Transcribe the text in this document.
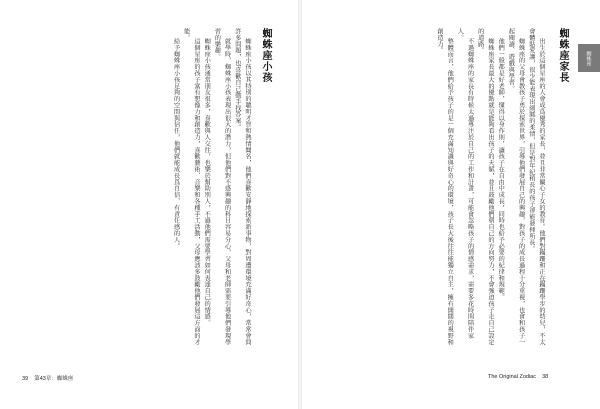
蜘蛛座小孩

蜘蛛座小孩以其特別的聰明才智和熱情聞名，他們喜歡安靜地探索新事物，對周遭環境充滿好奇心，常常會問許多問題，也喜歡自己動手找答案。

就學時，蜘蛛座小孩表現出很大的潛力，但他們對不感興趣的科目容易分心，父母和老師需要引導他們發現學習的樂趣。

蜘蛛座小孩通常朋友很多，喜歡與人交往，也樂於幫助別人，不過他們需要學習如何表達自己的情感。

這個星座的孩子富有想像力和創造力，喜歡藝術、音樂和各種手工活動，父母應該多鼓勵他們發展這方面的才能。

給予蜘蛛座小孩足夠的空間與信任，他們就能成長爲自信、有責任感的人。

39 第43章：蜘蛛座
蜘蛛座
蜘蛛座家長

出生於這個星座的人會成爲優秀的家長，並且非常關心子女的教育。他們對蹣跚和正在蹣跚學步的幼兒，不太會體貼愛護，很少能表現出細膩的柔情，但是對年紀稍長的孩子卻能發揮所長。

蜘蛛座的父母會教孩子勇於探索世界，引導他們發展自己的興趣，對孩子的成長過程十分重視，也會和孩子一起閱讀、遊戲與學習。

他們一般都是好老師，懂得以身作則，讓孩子在自由中成長，同時也給予必要的紀律和規範。

蜘蛛座家長最大的優點就是能夠看出孩子的天賦，並且鼓勵他們朝自己的方向努力，不會強迫孩子走自己設定的道路。

不過蜘蛛座的家長有時候太過專注於自己的工作和計畫，可能會忽略孩子的情感需求，需要多花時間陪伴家人。

整體而言，他們給予孩子的是一個充滿知識與好奇心的環境，孩子長大後往往能獨立自主，擁有開闊的視野和創造力。

The Original Zodiac 38
